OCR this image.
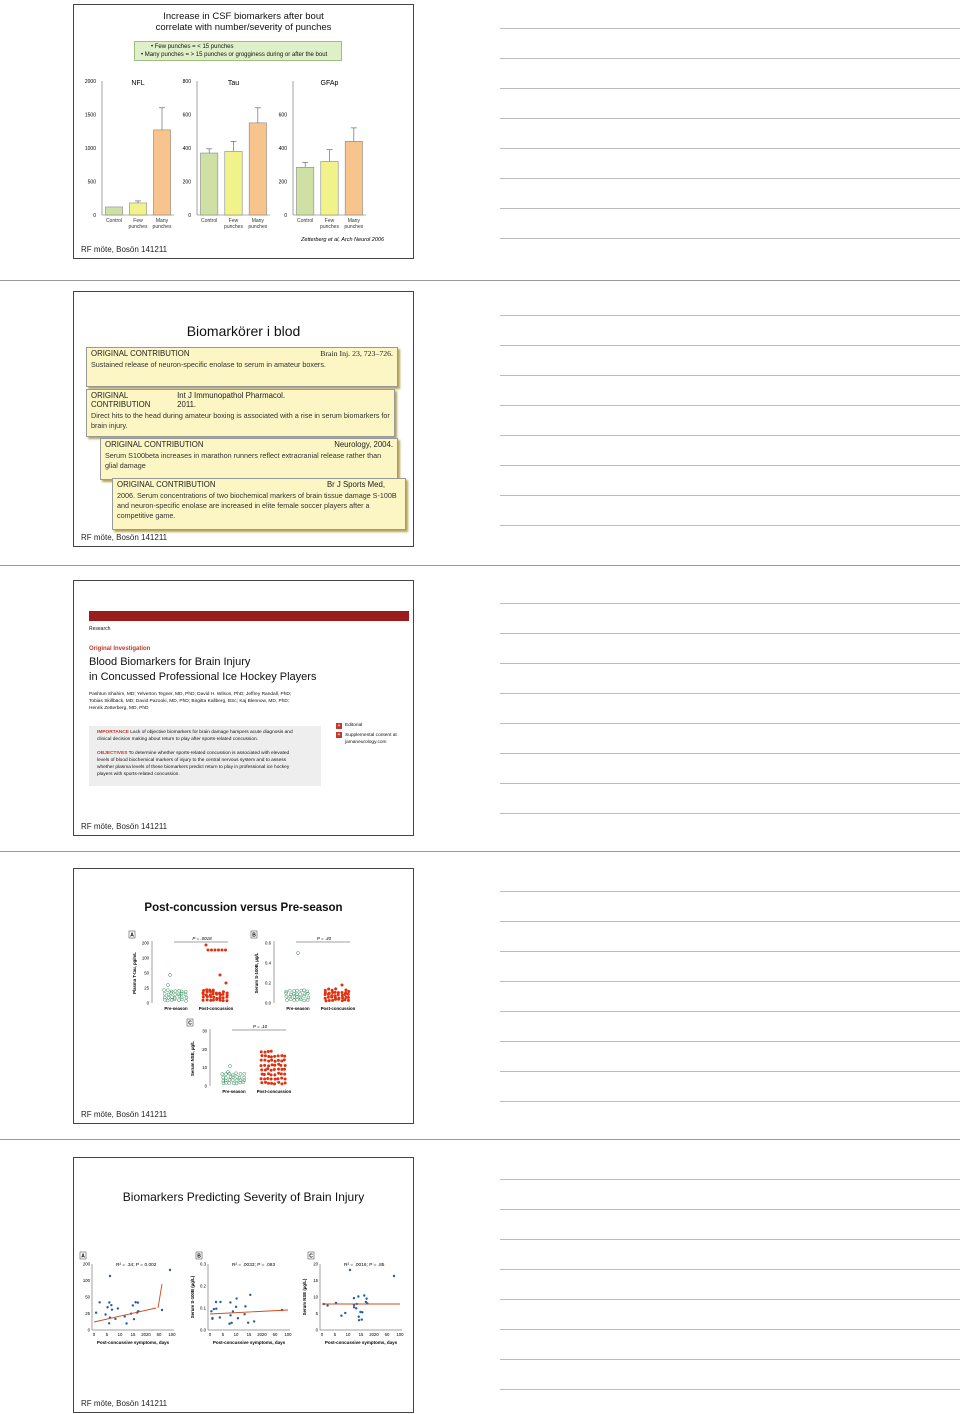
Increase in CSF biomarkers after bout
correlate with number/severity of punches
• Few punches = < 15 punches
• Many punches = > 15 punches or grogginess during or after the bout
NFL
0
500
1000
1500
2000
Control Few
punches
Many
punches
Tau
0
200
400
600
800
Control Few
punches
Many
punches
GFAp
0
200
400
600
Control Few
punches
Many
punches
Zetterberg et al, Arch Neurol 2006
RF möte, Bosön 141211
Biomarkörer i blod
ORIGINAL CONTRIBUTION	Brain Inj. 23, 723–726.
Sustained release of neuron-specific enolase to serum in amateur boxers.
ORIGINAL CONTRIBUTION
Int J Immunopathol Pharmacol. 2011.
Direct hits to the head during amateur boxing is associated with a rise in serum biomarkers for brain injury.
ORIGINAL CONTRIBUTION	Neurology, 2004.
Serum S100beta increases in marathon runners reflect extracranial release rather than glial damage
ORIGINAL CONTRIBUTION	Br J Sports Med,
2006. Serum concentrations of two biochemical markers of brain tissue damage S-100B and neuron-specific enolase are increased in elite female soccer players after a competitive game.
RF möte, Bosön 141211
Research
Original Investigation
Blood Biomarkers for Brain Injury
in Concussed Professional Ice Hockey Players
Pashtun Shahim, MD; Yelverton Tegner, MD, PhD; David H. Wilson, PhD; Jeffrey Randall, PhD;
Tobias Skillbäck, MD; David Pazooki, MD, PhD; Birgitta Kallberg, BSc; Kaj Blennow, MD, PhD;
Henrik Zetterberg, MD, PhD
IMPORTANCE Lack of objective biomarkers for brain damage hampers acute diagnosis and
clinical decision making about return to play after sports-related concussion.
OBJECTIVES To determine whether sports-related concussion is associated with elevated
levels of blood biochemical markers of injury to the central nervous system and to assess
whether plasma levels of these biomarkers predict return to play in professional ice hockey
players with sports-related concussion.
+ Editorial
+ Supplemental content at
jamaneurology.com
RF möte, Bosön 141211
Post-concussion versus Pre-season
A
Plasma T-tau, pg/mL
0
25
50
100
200
P = .0018
Pre-season	Post-concussion
B
Serum S-100B, μg/L
0.0
0.2
0.4
0.6
P = .40
Pre-season	Post-concussion
C
Serum NSE, μg/L
0
10
20
30
P = .10
Pre-season	Post-concussion
RF möte, Bosön 141211
Biomarkers Predicting Severity of Brain Injury
A
0
25
50
100
200
0 5 10 15 2020 60 100
Post-concussive symptoms, days
R² = .34; P = 0.002
B
Serum S-100B (μg/L)
0.0
0.1
0.2
0.3
0 5 10 15 2020 60 100
Post-concussive symptoms, days
R² = .0033; P = .083
C
Serum NSE (μg/L)
0
5
10
15
20
0 5 10 15 2020 60 100
Post-concussive symptoms, days
R² = .0016; P = .85
RF möte, Bosön 141211
